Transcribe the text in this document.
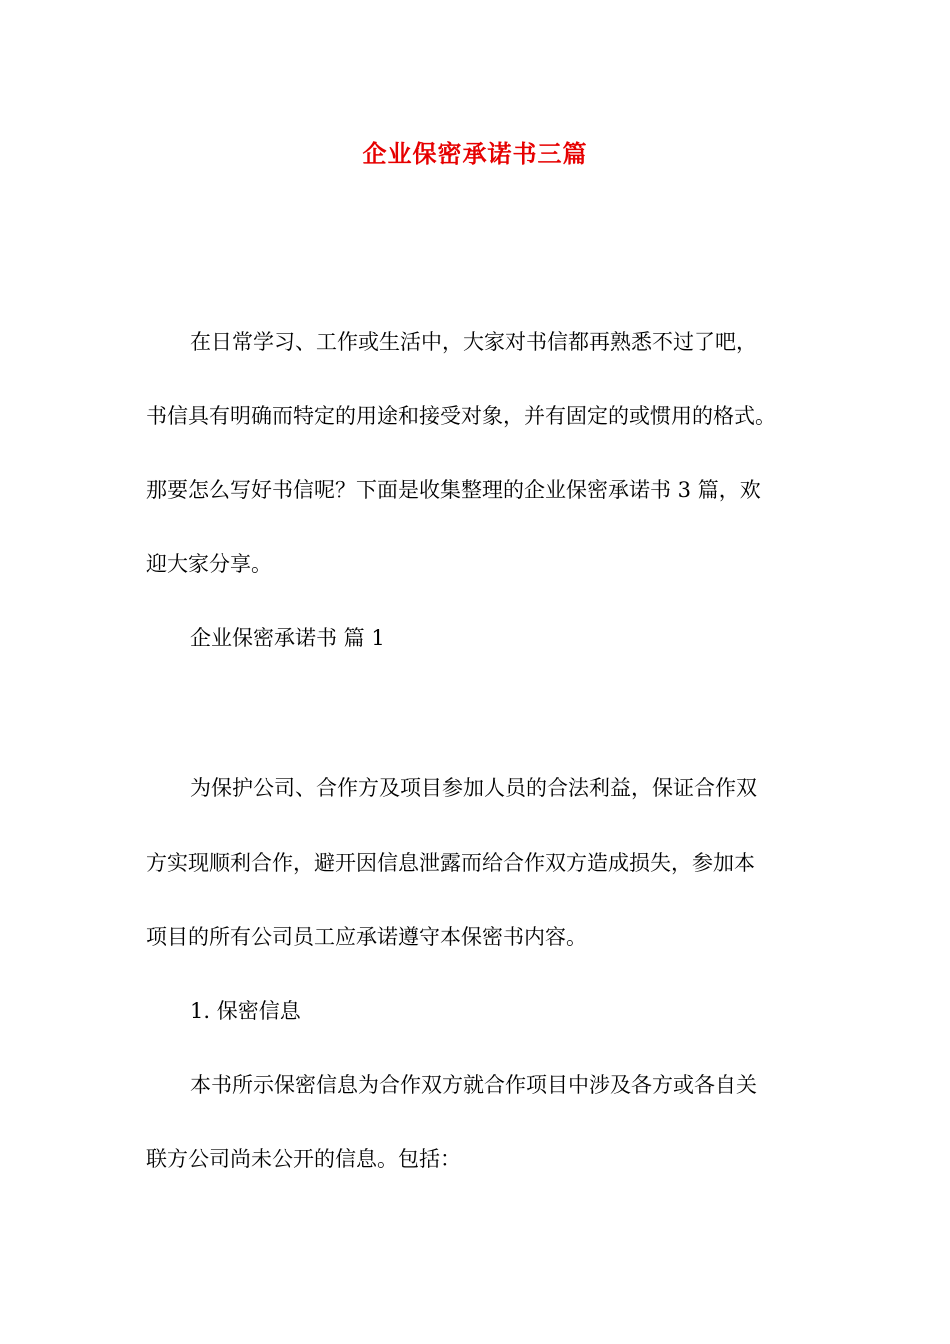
企业保密承诺书三篇
在日常学习、工作或生活中，大家对书信都再熟悉不过了吧，
书信具有明确而特定的用途和接受对象，并有固定的或惯用的格式。
那要怎么写好书信呢？下面是收集整理的企业保密承诺书 3 篇，欢
迎大家分享。
企业保密承诺书 篇 1
为保护公司、合作方及项目参加人员的合法利益，保证合作双
方实现顺利合作，避开因信息泄露而给合作双方造成损失，参加本
项目的所有公司员工应承诺遵守本保密书内容。
1. 保密信息
本书所示保密信息为合作双方就合作项目中涉及各方或各自关
联方公司尚未公开的信息。包括：
